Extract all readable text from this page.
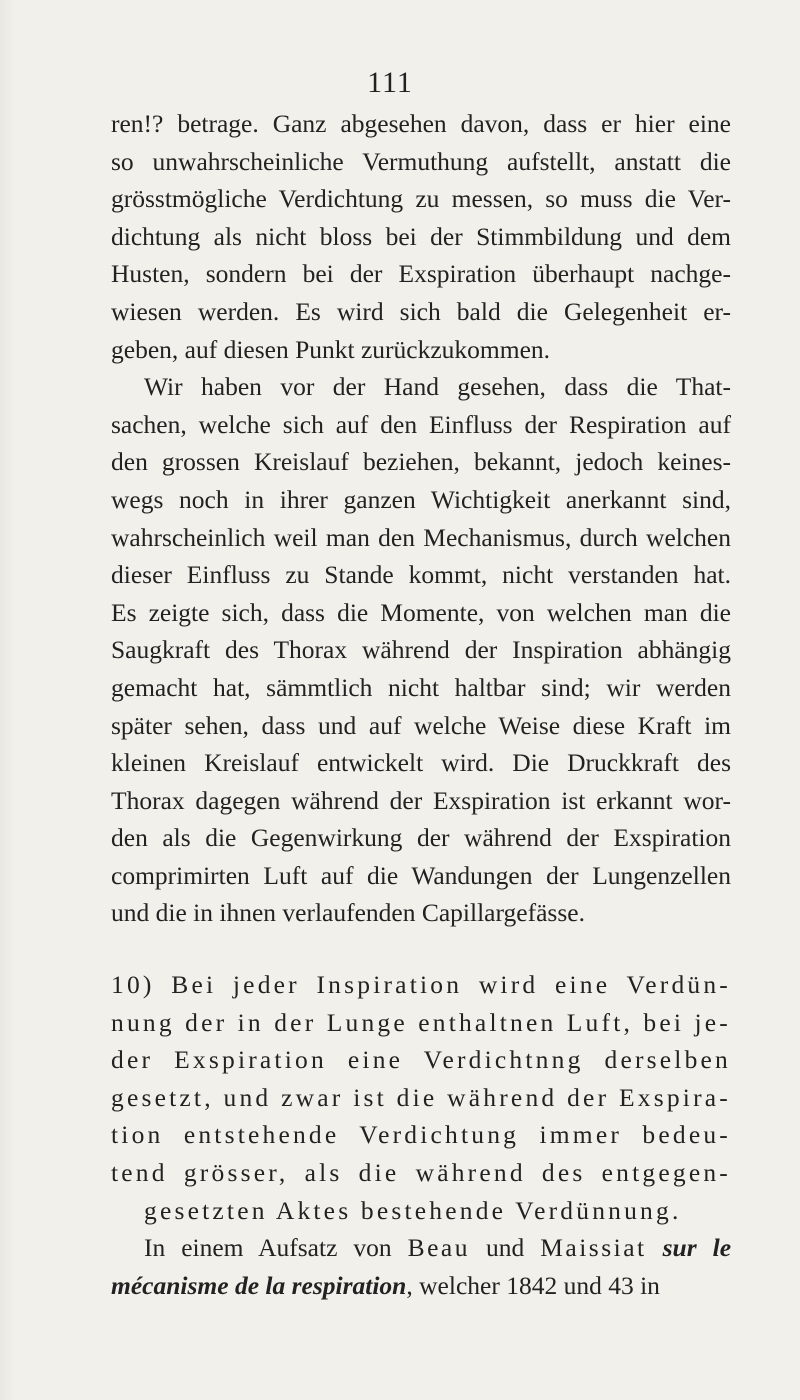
111
ren!? betrage. Ganz abgesehen davon, dass er hier eine
so unwahrscheinliche Vermuthung aufstellt, anstatt die
grösstmögliche Verdichtung zu messen, so muss die Ver-
dichtung als nicht bloss bei der Stimmbildung und dem
Husten, sondern bei der Exspiration überhaupt nachge-
wiesen werden. Es wird sich bald die Gelegenheit er-
geben, auf diesen Punkt zurückzukommen.
Wir haben vor der Hand gesehen, dass die That-
sachen, welche sich auf den Einfluss der Respiration auf
den grossen Kreislauf beziehen, bekannt, jedoch keines-
wegs noch in ihrer ganzen Wichtigkeit anerkannt sind,
wahrscheinlich weil man den Mechanismus, durch welchen
dieser Einfluss zu Stande kommt, nicht verstanden hat.
Es zeigte sich, dass die Momente, von welchen man die
Saugkraft des Thorax während der Inspiration abhängig
gemacht hat, sämmtlich nicht haltbar sind; wir werden
später sehen, dass und auf welche Weise diese Kraft im
kleinen Kreislauf entwickelt wird. Die Druckkraft des
Thorax dagegen während der Exspiration ist erkannt wor-
den als die Gegenwirkung der während der Exspiration
comprimirten Luft auf die Wandungen der Lungenzellen
und die in ihnen verlaufenden Capillargefässe.
10) Bei jeder Inspiration wird eine Verdün-
nung der in der Lunge enthaltnen Luft, bei je-
der Exspiration eine Verdichtnng derselben
gesetzt, und zwar ist die während der Exspira-
tion entstehende Verdichtung immer bedeu-
tend grösser, als die während des entgegen-
gesetzten Aktes bestehende Verdünnung.
In einem Aufsatz von Beau und Maissiat sur le
mécanisme de la respiration, welcher 1842 und 43 in
